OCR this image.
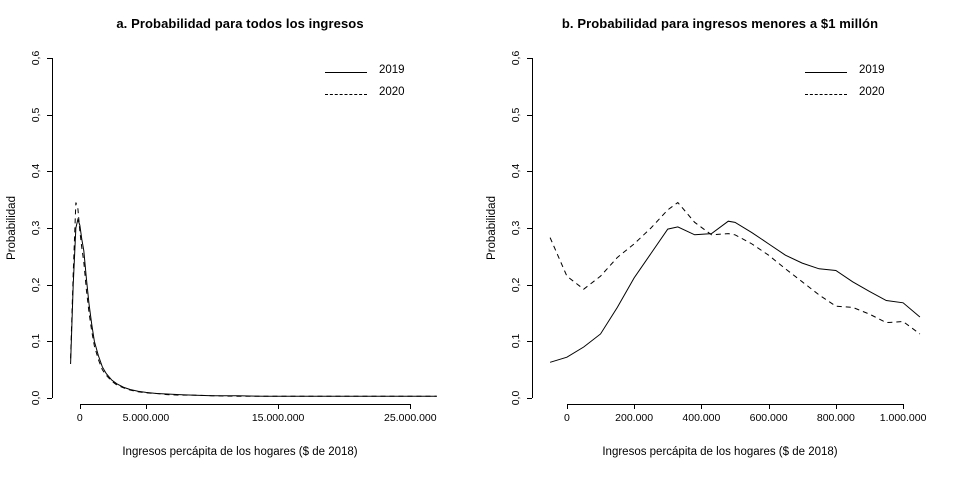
a. Probabilidad para todos los ingresos
0	5.000.000	15.000.000	25.000.000
0,0
0,1
0,2
0,3
0,4
0,5
0,6
Ingresos percápita de los hogares ($ de 2018)
Probabilidad
2019
2020
b. Probabilidad para ingresos menores a $1 millón
0	200.000	400.000	600.000	800.000 1.000.000
0,0
0,1
0,2
0,3
0,4
0,5
0,6
Ingresos percápita de los hogares ($ de 2018)
Probabilidad
2019
2020
